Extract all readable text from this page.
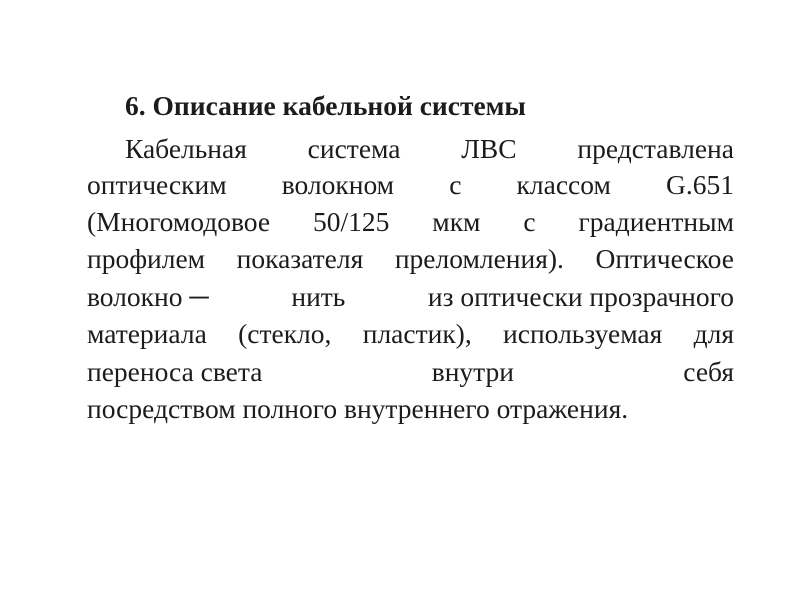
6. Описание кабельной системы
Кабельная система ЛВС представлена
оптическим волокном с классом G.651
(Многомодовое 50/125 мкм с градиентным
профилем показателя преломления). Оптическое
волокно ─	нить	из оптически прозрачного
материала (стекло, пластик), используемая для
переноса света	внутри	себя
посредством полного внутреннего отражения.
